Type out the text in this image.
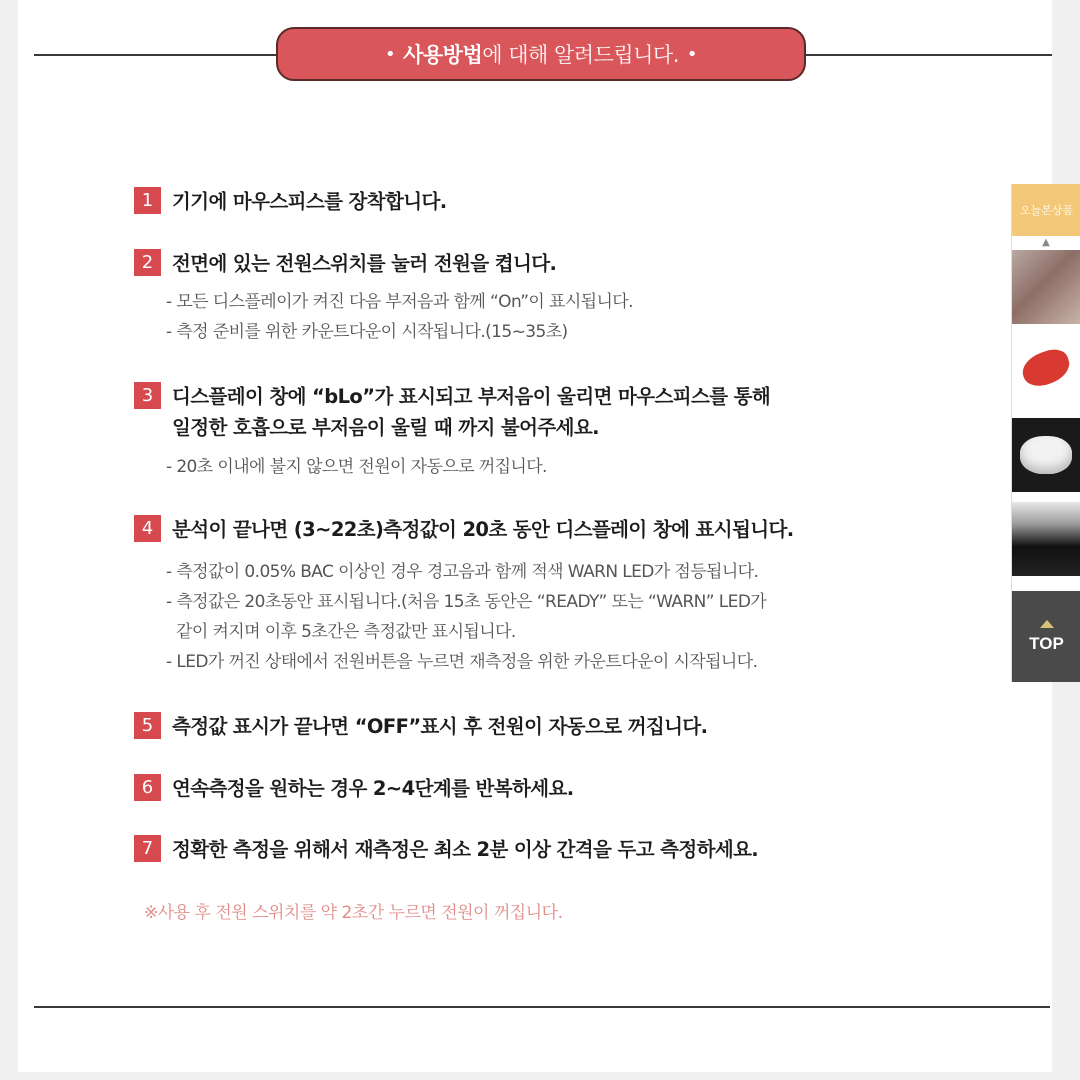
• 사용방법 에 대해 알려드립니다. •
1 기기에 마우스피스를 장착합니다.
2 전면에 있는 전원스위치를 눌러 전원을 켭니다.
- 모든 디스플레이가 켜진 다음 부저음과 함께 “On”이 표시됩니다.
- 측정 준비를 위한 카운트다운이 시작됩니다.(15~35초)
3 디스플레이 창에 “bLo”가 표시되고 부저음이 울리면 마우스피스를 통해
일정한 호흡으로 부저음이 울릴 때 까지 불어주세요.
- 20초 이내에 불지 않으면 전원이 자동으로 꺼집니다.
4 분석이 끝나면 (3~22초)측정값이 20초 동안 디스플레이 창에 표시됩니다.
- 측정값이 0.05% BAC 이상인 경우 경고음과 함께 적색 WARN LED가 점등됩니다.
- 측정값은 20초동안 표시됩니다.(처음 15초 동안은 “READY” 또는 “WARN” LED가
같이 켜지며 이후 5초간은 측정값만 표시됩니다.
- LED가 꺼진 상태에서 전원버튼을 누르면 재측정을 위한 카운트다운이 시작됩니다.
5 측정값 표시가 끝나면 “OFF”표시 후 전원이 자동으로 꺼집니다.
6 연속측정을 원하는 경우 2~4단계를 반복하세요.
7 정확한 측정을 위해서 재측정은 최소 2분 이상 간격을 두고 측정하세요.
※사용 후 전원 스위치를 약 2초간 누르면 전원이 꺼집니다.
오늘본상품
▲
TOP
